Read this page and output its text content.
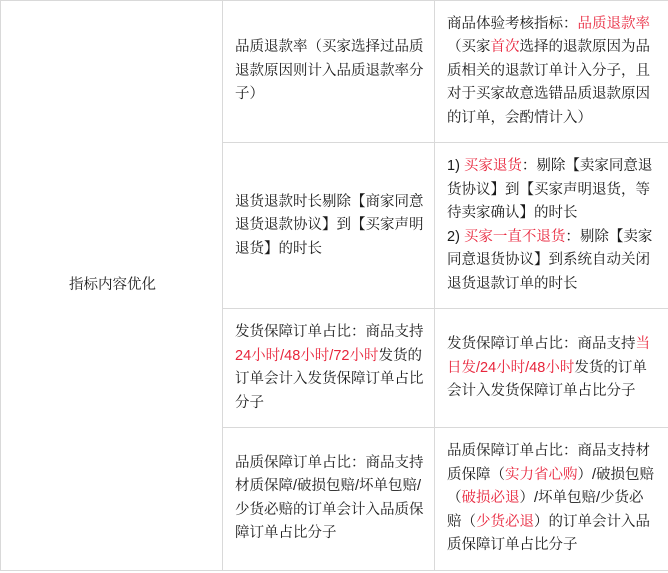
指标内容优化	品质退款率（买家选择过品质退款原因则计入品质退款率分子）	商品体验考核指标：品质退款率（买家首次选择的退款原因为品质相关的退款订单计入分子，且对于买家故意选错品质退款原因的订单，会酌情计入）
	退货退款时长剔除【商家同意退货退款协议】到【买家声明退货】的时长	1) 买家退货：剔除【卖家同意退货协议】到【买家声明退货，等待卖家确认】的时长
2) 买家一直不退货：剔除【卖家同意退货协议】到系统自动关闭退货退款订单的时长
	发货保障订单占比：商品支持24小时/48小时/72小时发货的订单会计入发货保障订单占比分子	发货保障订单占比：商品支持当日发/24小时/48小时发货的订单会计入发货保障订单占比分子
	品质保障订单占比：商品支持材质保障/破损包赔/坏单包赔/少货必赔的订单会计入品质保障订单占比分子	品质保障订单占比：商品支持材质保障（实力省心购）/破损包赔（破损必退）/坏单包赔/少货必赔（少货必退）的订单会计入品质保障订单占比分子
